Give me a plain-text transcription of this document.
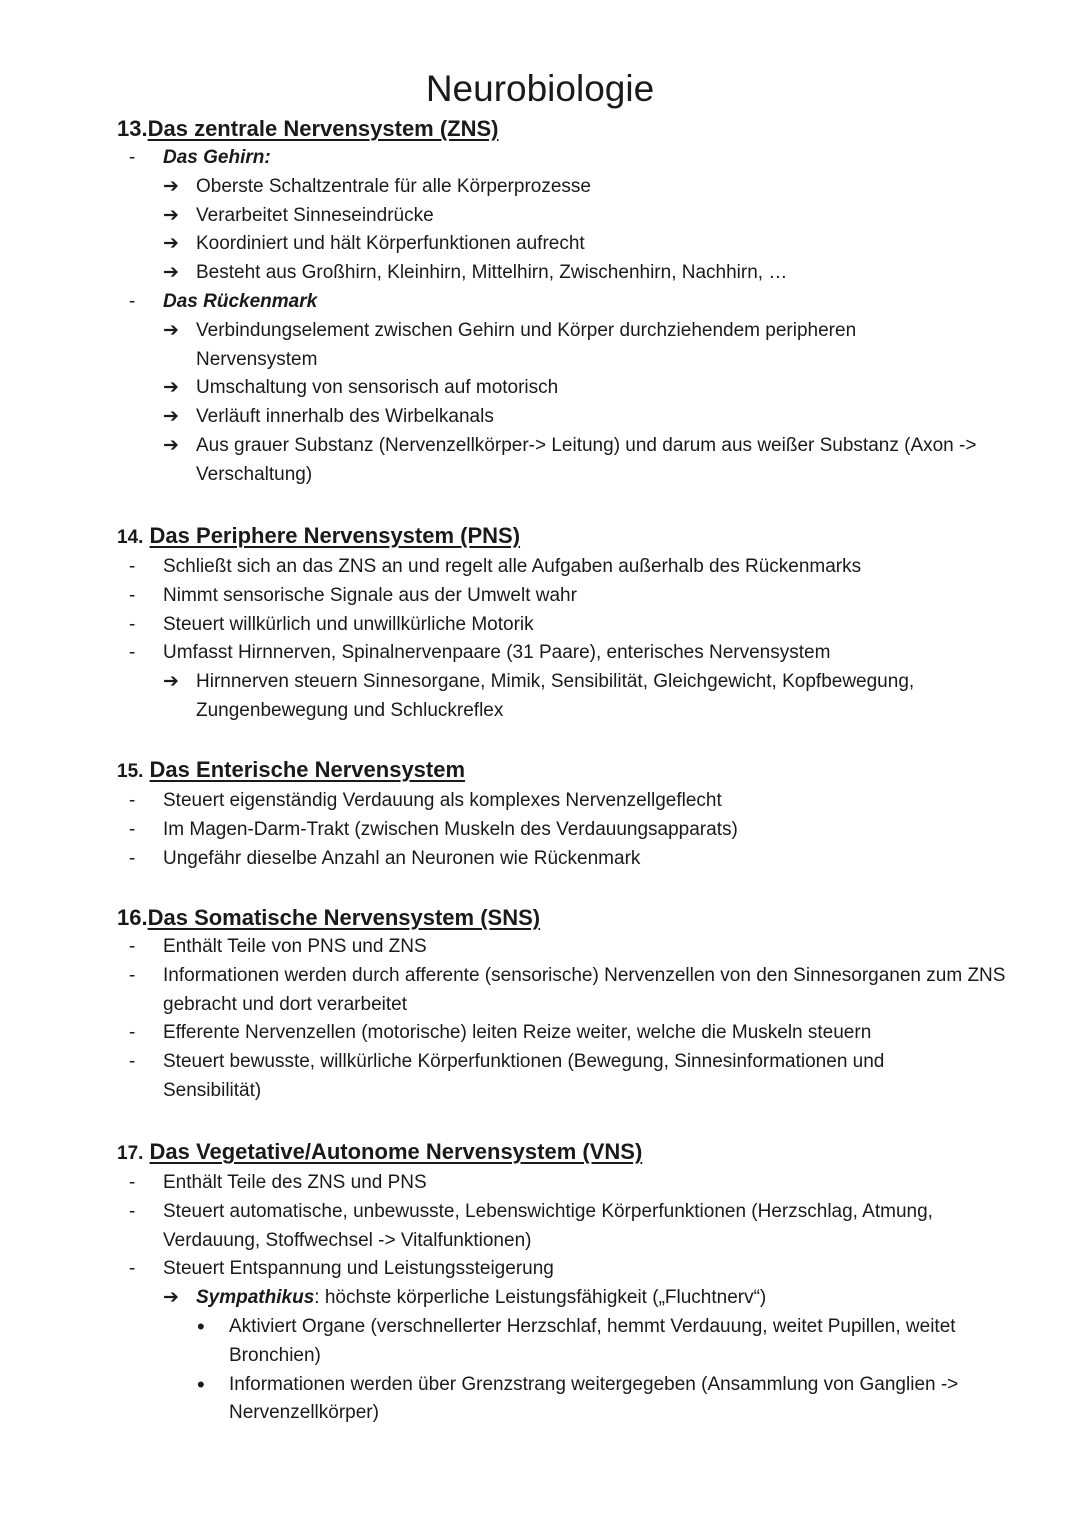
Neurobiologie
13.Das zentrale Nervensystem (ZNS)
- Das Gehirn:
➔ Oberste Schaltzentrale für alle Körperprozesse
➔ Verarbeitet Sinneseindrücke
➔ Koordiniert und hält Körperfunktionen aufrecht
➔ Besteht aus Großhirn, Kleinhirn, Mittelhirn, Zwischenhirn, Nachhirn, …
- Das Rückenmark
➔ Verbindungselement zwischen Gehirn und Körper durchziehendem peripheren Nervensystem
➔ Umschaltung von sensorisch auf motorisch
➔ Verläuft innerhalb des Wirbelkanals
➔ Aus grauer Substanz (Nervenzellkörper-> Leitung) und darum aus weißer Substanz (Axon -> Verschaltung)
14. Das Periphere Nervensystem (PNS)
- Schließt sich an das ZNS an und regelt alle Aufgaben außerhalb des Rückenmarks
- Nimmt sensorische Signale aus der Umwelt wahr
- Steuert willkürlich und unwillkürliche Motorik
- Umfasst Hirnnerven, Spinalnervenpaare (31 Paare), enterisches Nervensystem
➔ Hirnnerven steuern Sinnesorgane, Mimik, Sensibilität, Gleichgewicht, Kopfbewegung, Zungenbewegung und Schluckreflex
15. Das Enterische Nervensystem
- Steuert eigenständig Verdauung als komplexes Nervenzellgeflecht
- Im Magen-Darm-Trakt (zwischen Muskeln des Verdauungsapparats)
- Ungefähr dieselbe Anzahl an Neuronen wie Rückenmark
16.Das Somatische Nervensystem (SNS)
- Enthält Teile von PNS und ZNS
- Informationen werden durch afferente (sensorische) Nervenzellen von den Sinnesorganen zum ZNS gebracht und dort verarbeitet
- Efferente Nervenzellen (motorische) leiten Reize weiter, welche die Muskeln steuern
- Steuert bewusste, willkürliche Körperfunktionen (Bewegung, Sinnesinformationen und Sensibilität)
17. Das Vegetative/Autonome Nervensystem (VNS)
- Enthält Teile des ZNS und PNS
- Steuert automatische, unbewusste, Lebenswichtige Körperfunktionen (Herzschlag, Atmung, Verdauung, Stoffwechsel -> Vitalfunktionen)
- Steuert Entspannung und Leistungssteigerung
➔ Sympathikus: höchste körperliche Leistungsfähigkeit („Fluchtnerv“)
• Aktiviert Organe (verschnellerter Herzschlaf, hemmt Verdauung, weitet Pupillen, weitet Bronchien)
• Informationen werden über Grenzstrang weitergegeben (Ansammlung von Ganglien -> Nervenzellkörper)
